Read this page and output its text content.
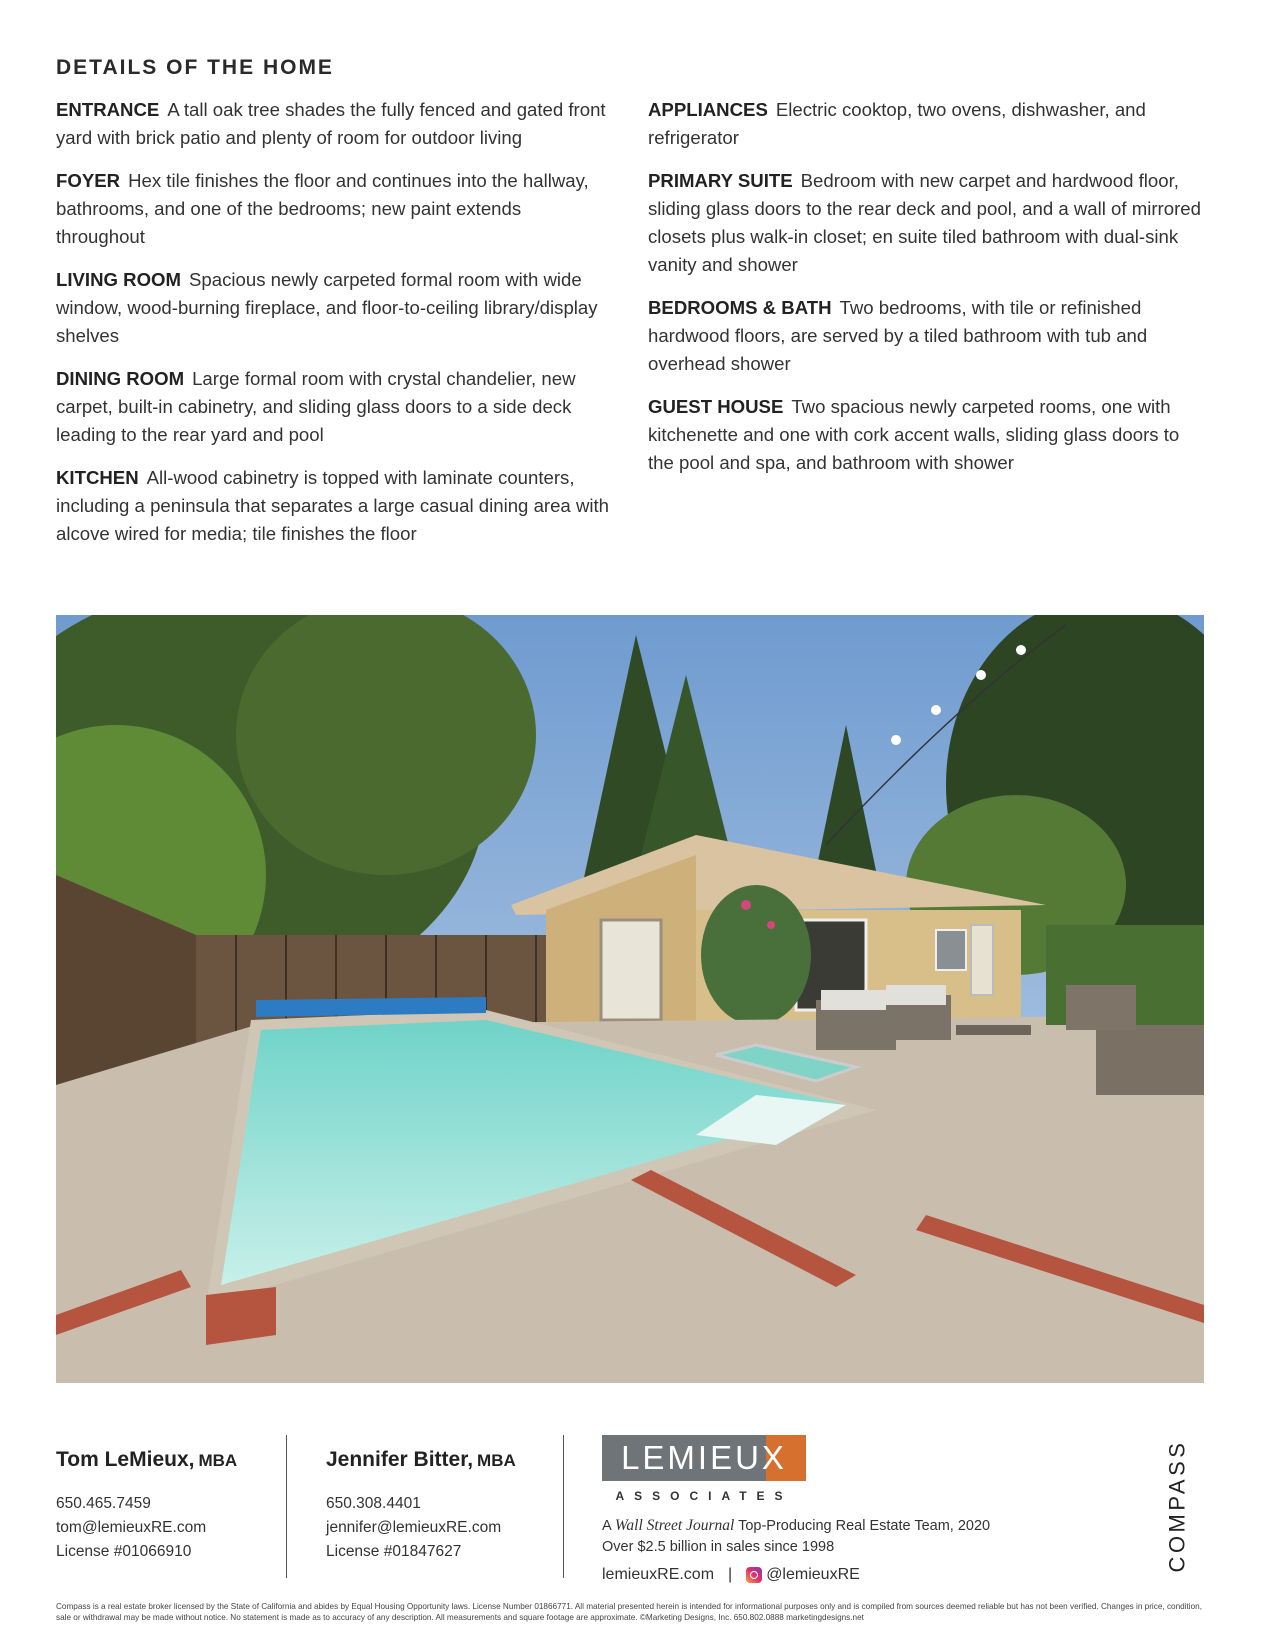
DETAILS OF THE HOME

ENTRANCE A tall oak tree shades the fully fenced and gated front yard with brick patio and plenty of room for outdoor living

FOYER Hex tile finishes the floor and continues into the hallway, bathrooms, and one of the bedrooms; new paint extends throughout

LIVING ROOM Spacious newly carpeted formal room with wide window, wood-burning fireplace, and floor-to-ceiling library/display shelves

DINING ROOM Large formal room with crystal chandelier, new carpet, built-in cabinetry, and sliding glass doors to a side deck leading to the rear yard and pool

KITCHEN All-wood cabinetry is topped with laminate counters, including a peninsula that separates a large casual dining area with alcove wired for media; tile finishes the floor

APPLIANCES Electric cooktop, two ovens, dishwasher, and refrigerator

PRIMARY SUITE Bedroom with new carpet and hardwood floor, sliding glass doors to the rear deck and pool, and a wall of mirrored closets plus walk-in closet; en suite tiled bathroom with dual-sink vanity and shower

BEDROOMS & BATH Two bedrooms, with tile or refinished hardwood floors, are served by a tiled bathroom with tub and overhead shower

GUEST HOUSE Two spacious newly carpeted rooms, one with kitchenette and one with cork accent walls, sliding glass doors to the pool and spa, and bathroom with shower

Tom LeMieux, MBA
650.465.7459
tom@lemieuxRE.com
License #01066910
Jennifer Bitter, MBA
650.308.4401
jennifer@lemieuxRE.com
License #01847627
LEMIEUX
ASSOCIATES
A Wall Street Journal Top-Producing Real Estate Team, 2020
Over $2.5 billion in sales since 1998
lemieuxRE.com | @lemieuxRE
COMPASS
Compass is a real estate broker licensed by the State of California and abides by Equal Housing Opportunity laws. License Number 01866771. All material presented herein is intended for informational purposes only and is compiled from sources deemed reliable but has not been verified. Changes in price, condition, sale or withdrawal may be made without notice. No statement is made as to accuracy of any description. All measurements and square footage are approximate. ©Marketing Designs, Inc. 650.802.0888 marketingdesigns.net
